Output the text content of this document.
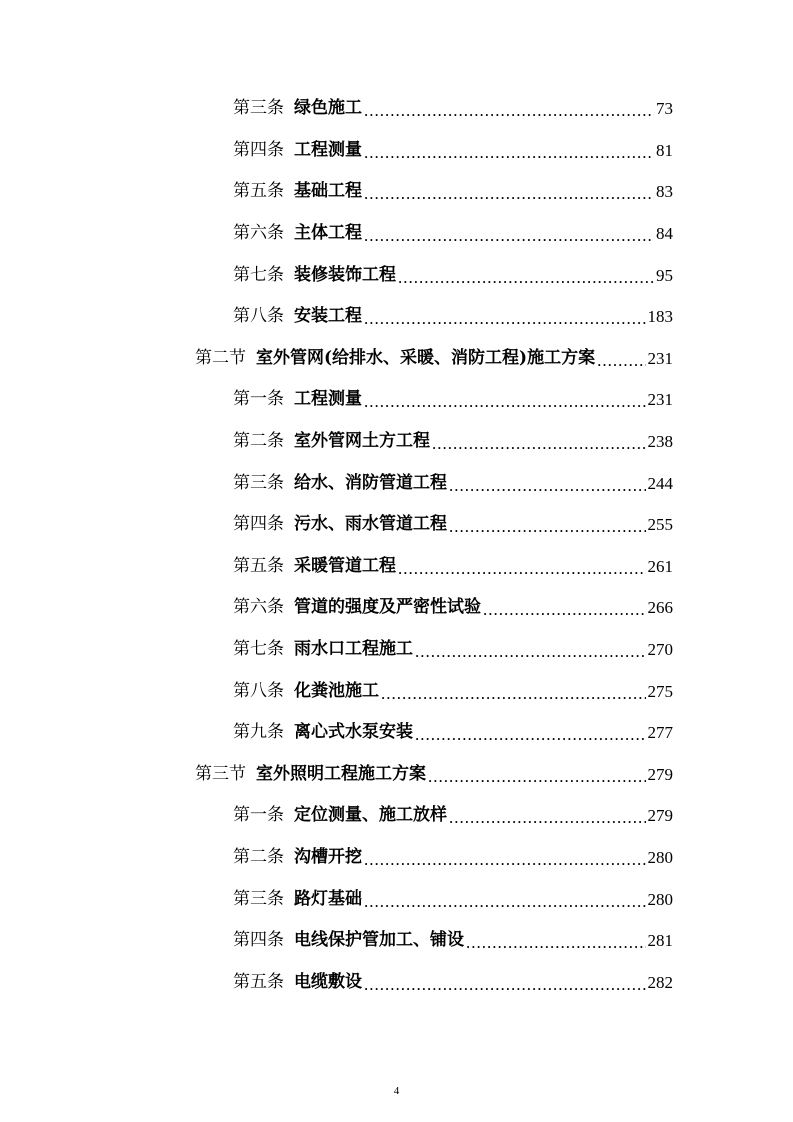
第三条 绿色施工 .....	73
第四条 工程测量 .....	81
第五条 基础工程 .....	83
第六条 主体工程 .....	84
第七条 装修装饰工程 .....	95
第八条 安装工程 .....	183
第二节 室外管网(给排水、采暖、消防工程)施工方案 .....	231
第一条 工程测量 .....	231
第二条 室外管网土方工程 .....	238
第三条 给水、消防管道工程 .....	244
第四条 污水、雨水管道工程 .....	255
第五条 采暖管道工程 .....	261
第六条 管道的强度及严密性试验 .....	266
第七条 雨水口工程施工 .....	270
第八条 化粪池施工 .....	275
第九条 离心式水泵安装 .....	277
第三节 室外照明工程施工方案 .....	279
第一条 定位测量、施工放样 .....	279
第二条 沟槽开挖 .....	280
第三条 路灯基础 .....	280
第四条 电线保护管加工、铺设 .....	281
第五条 电缆敷设 .....	282
4
